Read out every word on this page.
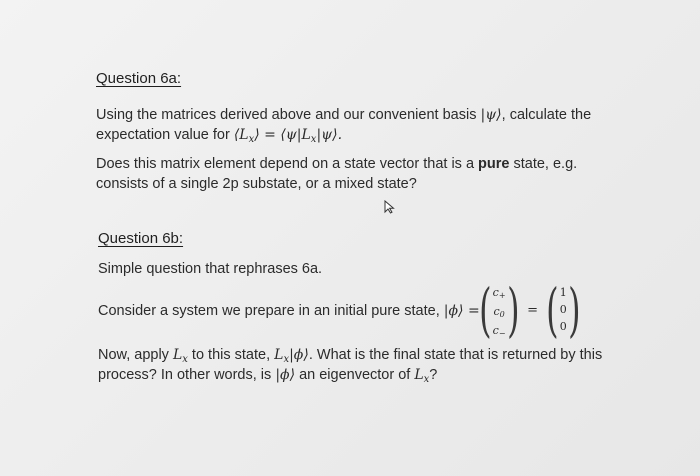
Question 6a:
Using the matrices derived above and our convenient basis |ψ⟩, calculate the
expectation value for $⟨L_x⟩$ = $⟨\psi|L_x|\psi⟩$.
Does this matrix element depend on a state vector that is a pure state, e.g.
consists of a single 2p substate, or a mixed state?
Question 6b:
Simple question that rephrases 6a.
Consider a system we prepare in an initial pure state, |ϕ⟩ = ( c+
c0
c− ) = ( 1
0
0 )
Now, apply $L_x$ to this state, $L_x|\phi⟩$. What is the final state that is returned by this
process? In other words, is |ϕ⟩ an eigenvector of $L_x$?
